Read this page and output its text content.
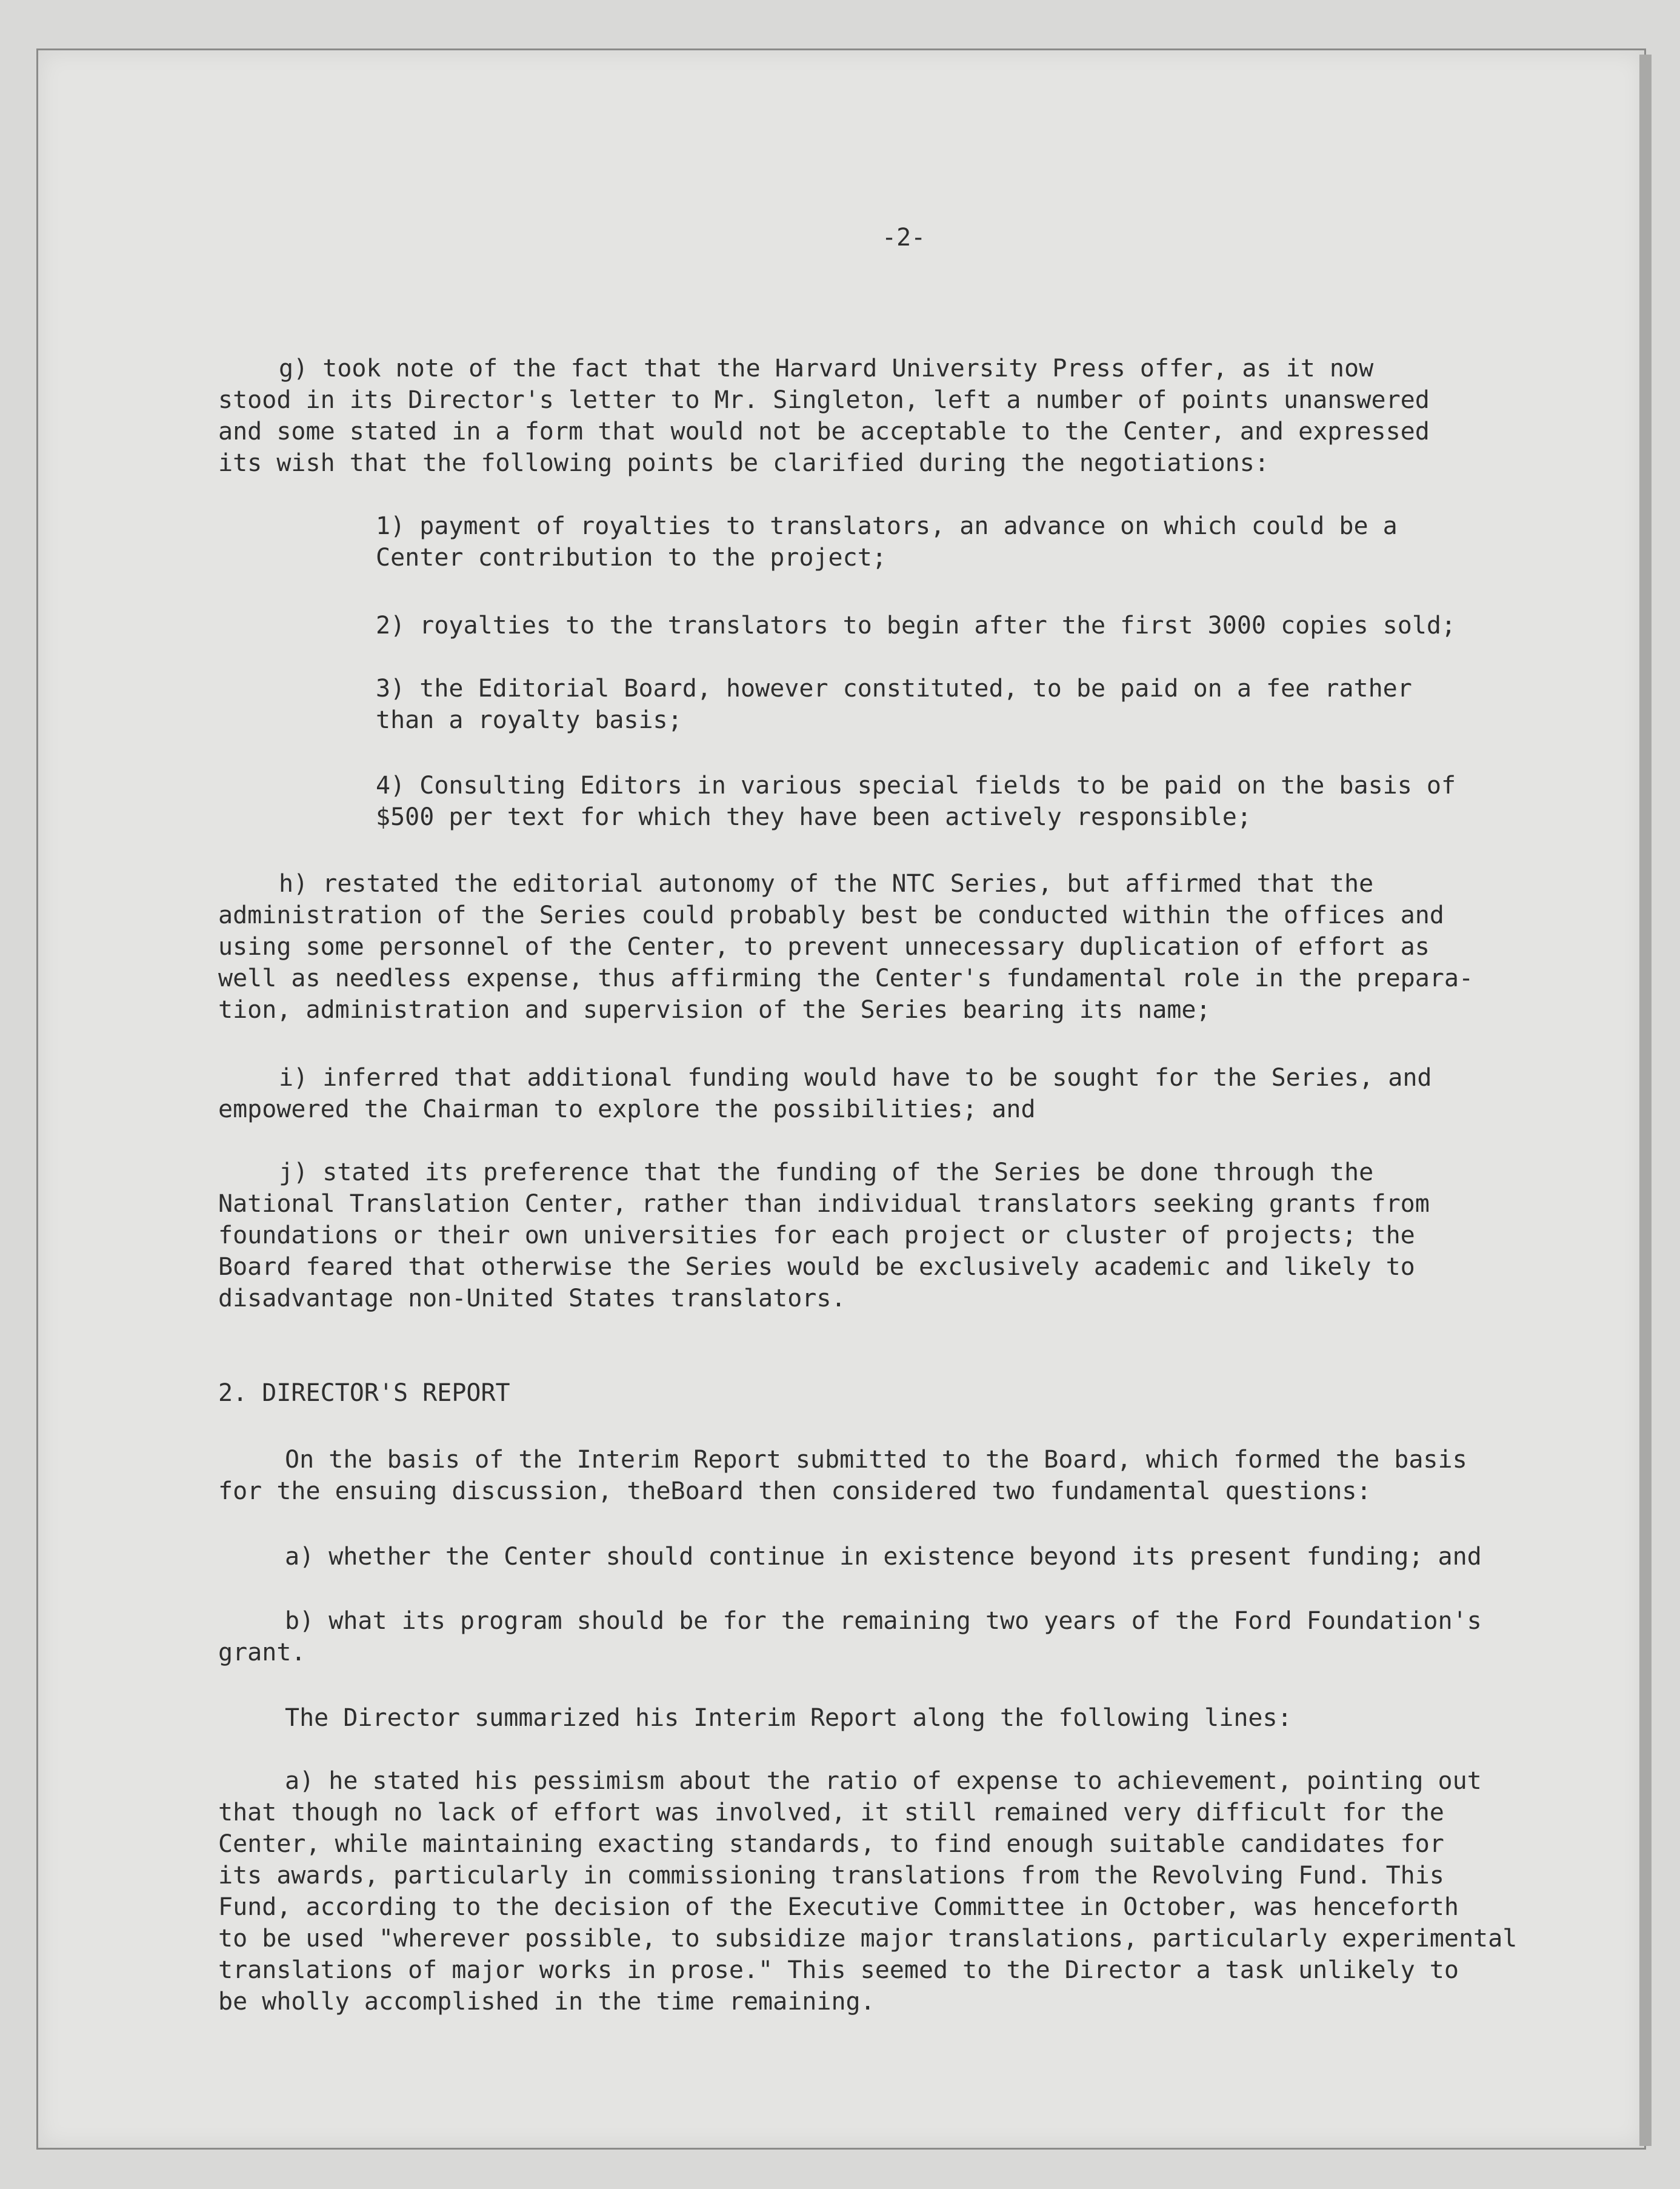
-2-
g) took note of the fact that the Harvard University Press offer, as it now
stood in its Director's letter to Mr. Singleton, left a number of points unanswered
and some stated in a form that would not be acceptable to the Center, and expressed
its wish that the following points be clarified during the negotiations:
1) payment of royalties to translators, an advance on which could be a
Center contribution to the project;
2) royalties to the translators to begin after the first 3000 copies sold;
3) the Editorial Board, however constituted, to be paid on a fee rather
than a royalty basis;
4) Consulting Editors in various special fields to be paid on the basis of
$500 per text for which they have been actively responsible;
h) restated the editorial autonomy of the NTC Series, but affirmed that the
administration of the Series could probably best be conducted within the offices and
using some personnel of the Center, to prevent unnecessary duplication of effort as
well as needless expense, thus affirming the Center's fundamental role in the prepara-
tion, administration and supervision of the Series bearing its name;
i) inferred that additional funding would have to be sought for the Series, and
empowered the Chairman to explore the possibilities; and
j) stated its preference that the funding of the Series be done through the
National Translation Center, rather than individual translators seeking grants from
foundations or their own universities for each project or cluster of projects; the
Board feared that otherwise the Series would be exclusively academic and likely to
disadvantage non-United States translators.
2. DIRECTOR'S REPORT
On the basis of the Interim Report submitted to the Board, which formed the basis
for the ensuing discussion, theBoard then considered two fundamental questions:
a) whether the Center should continue in existence beyond its present funding; and
b) what its program should be for the remaining two years of the Ford Foundation's
grant.
The Director summarized his Interim Report along the following lines:
a) he stated his pessimism about the ratio of expense to achievement, pointing out
that though no lack of effort was involved, it still remained very difficult for the
Center, while maintaining exacting standards, to find enough suitable candidates for
its awards, particularly in commissioning translations from the Revolving Fund. This
Fund, according to the decision of the Executive Committee in October, was henceforth
to be used "wherever possible, to subsidize major translations, particularly experimental
translations of major works in prose." This seemed to the Director a task unlikely to
be wholly accomplished in the time remaining.
